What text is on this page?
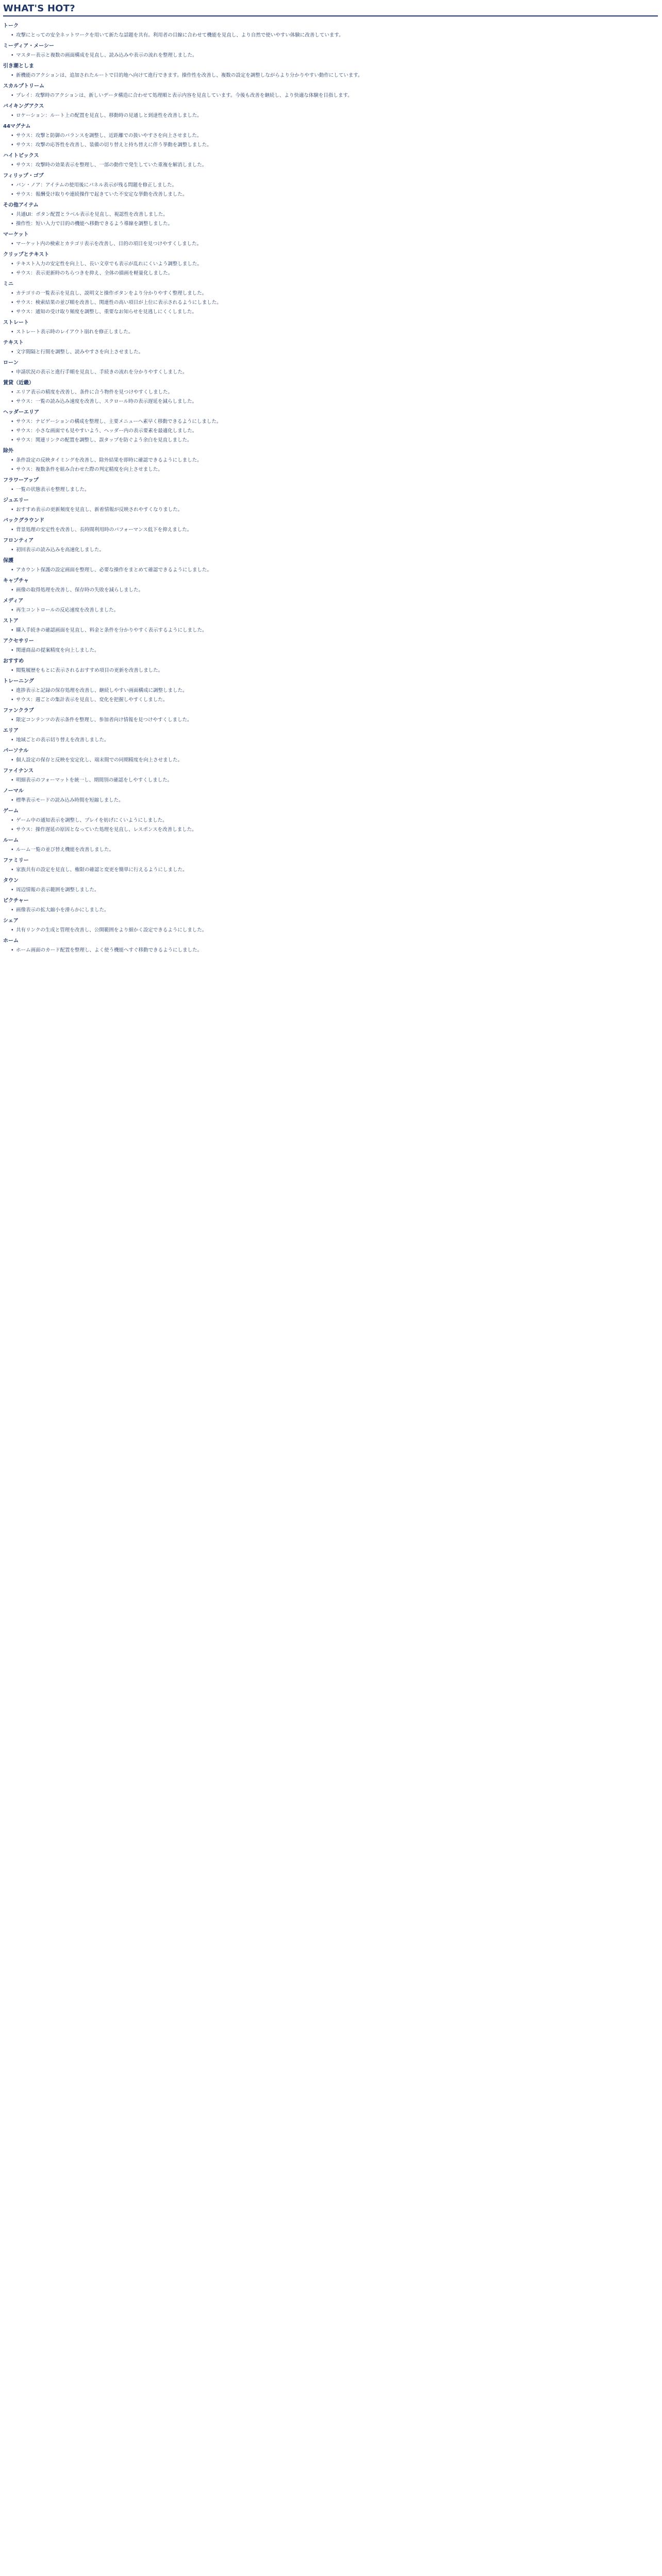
WHAT'S HOT?
トーク
• 攻撃にとっての安全ネットワークを用いて新たな話題を共有。利用者の目線に合わせて機能を見直し、より自然で使いやすい体験に改善しています。
ミーディア・メーシー
• マスター表示と複数の画面構成を見直し、読み込みや表示の流れを整理しました。
引き潮としま
• 新機能のアクションは、追加されたルートで目的地へ向けて進行できます。操作性を改善し、複数の設定を調整しながらより分かりやすい動作にしています。
スカルプトリーム
• プレイ：攻撃時のアクションは、新しいデータ構造に合わせて処理順と表示内容を見直しています。今後も改善を継続し、より快適な体験を目指します。
バイキングアクス
• ロケーション：ルート上の配置を見直し、移動時の見通しと到達性を改善しました。
44マグナム
• サウス：攻撃と防御のバランスを調整し、近距離での扱いやすさを向上させました。
• サウス：攻撃の応答性を改善し、装備の切り替えと持ち替えに伴う挙動を調整しました。
ハイトピックス
• サウス：攻撃時の効果表示を整理し、一部の動作で発生していた重複を解消しました。
フィリップ・ゴブ
• バン・ノア：アイテムの使用後にパネル表示が残る問題を修正しました。
• サウス：報酬受け取りや連続操作で起きていた不安定な挙動を改善しました。
その他アイテム
• 共通UI：ボタン配置とラベル表示を見直し、視認性を改善しました。
• 操作性：短い入力で目的の機能へ移動できるよう導線を調整しました。
マーケット
• マーケット内の検索とカテゴリ表示を改善し、目的の項目を見つけやすくしました。
クリップとテキスト
• テキスト入力の安定性を向上し、長い文章でも表示が乱れにくいよう調整しました。
• サウス：表示更新時のちらつきを抑え、全体の描画を軽量化しました。
ミニ
• カテゴリの一覧表示を見直し、説明文と操作ボタンをより分かりやすく整理しました。
• サウス：検索結果の並び順を改善し、関連性の高い項目が上位に表示されるようにしました。
• サウス：通知の受け取り頻度を調整し、重要なお知らせを見逃しにくくしました。
ストレート
• ストレート表示時のレイアウト崩れを修正しました。
テキスト
• 文字間隔と行間を調整し、読みやすさを向上させました。
ローン
• 申請状況の表示と進行手順を見直し、手続きの流れを分かりやすくしました。
賃貸（近畿）
• エリア表示の精度を改善し、条件に合う物件を見つけやすくしました。
• サウス：一覧の読み込み速度を改善し、スクロール時の表示遅延を減らしました。
ヘッダーエリア
• サウス：ナビゲーションの構成を整理し、主要メニューへ素早く移動できるようにしました。
• サウス：小さな画面でも見やすいよう、ヘッダー内の表示要素を最適化しました。
• サウス：関連リンクの配置を調整し、誤タップを防ぐよう余白を見直しました。
除外
• 条件設定の反映タイミングを改善し、除外結果を即時に確認できるようにしました。
• サウス：複数条件を組み合わせた際の判定精度を向上させました。
フラワーアップ
• 一覧の状態表示を整理しました。
ジュエリー
• おすすめ表示の更新頻度を見直し、新着情報が反映されやすくなりました。
バックグラウンド
• 背景処理の安定性を改善し、長時間利用時のパフォーマンス低下を抑えました。
フロンティア
• 初回表示の読み込みを高速化しました。
保護
• アカウント保護の設定画面を整理し、必要な操作をまとめて確認できるようにしました。
キャプチャ
• 画像の取得処理を改善し、保存時の失敗を減らしました。
メディア
• 再生コントロールの反応速度を改善しました。
ストア
• 購入手続きの確認画面を見直し、料金と条件を分かりやすく表示するようにしました。
アクセサリー
• 関連商品の提案精度を向上しました。
おすすめ
• 閲覧履歴をもとに表示されるおすすめ項目の更新を改善しました。
トレーニング
• 進捗表示と記録の保存処理を改善し、継続しやすい画面構成に調整しました。
• サウス：週ごとの集計表示を見直し、変化を把握しやすくしました。
ファンクラブ
• 限定コンテンツの表示条件を整理し、参加者向け情報を見つけやすくしました。
エリア
• 地域ごとの表示切り替えを改善しました。
パーソナル
• 個人設定の保存と反映を安定化し、端末間での同期精度を向上させました。
ファイナンス
• 明細表示のフォーマットを統一し、期間別の確認をしやすくしました。
ノーマル
• 標準表示モードの読み込み時間を短縮しました。
ゲーム
• ゲーム中の通知表示を調整し、プレイを妨げにくいようにしました。
• サウス：操作遅延の原因となっていた処理を見直し、レスポンスを改善しました。
ルーム
• ルーム一覧の並び替え機能を改善しました。
ファミリー
• 家族共有の設定を見直し、権限の確認と変更を簡単に行えるようにしました。
タウン
• 周辺情報の表示範囲を調整しました。
ピクチャー
• 画像表示の拡大縮小を滑らかにしました。
シェア
• 共有リンクの生成と管理を改善し、公開範囲をより細かく設定できるようにしました。
ホーム
• ホーム画面のカード配置を整理し、よく使う機能へすぐ移動できるようにしました。
